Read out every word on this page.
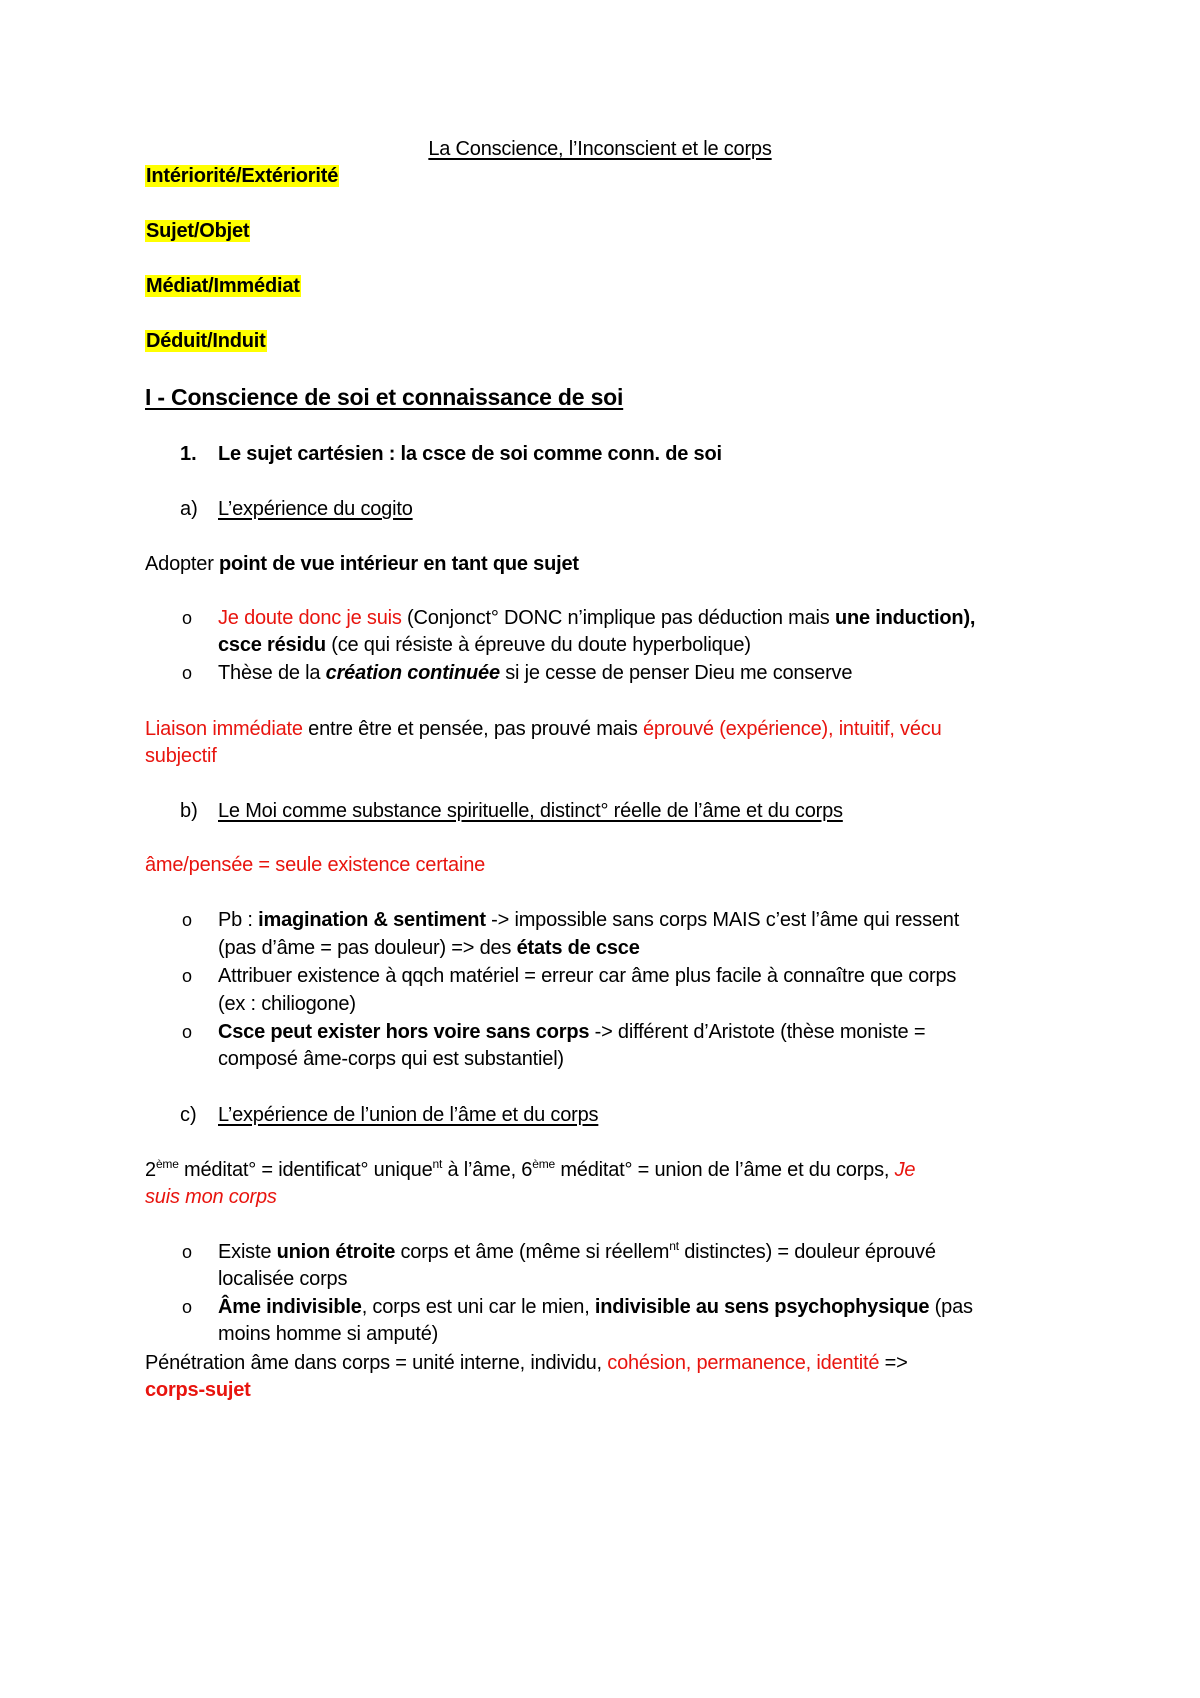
La Conscience, l’Inconscient et le corps
Intériorité/Extériorité
Sujet/Objet
Médiat/Immédiat
Déduit/Induit
I - Conscience de soi et connaissance de soi
1. Le sujet cartésien : la csce de soi comme conn. de soi
a) L’expérience du cogito
Adopter point de vue intérieur en tant que sujet
o Je doute donc je suis (Conjonct° DONC n’implique pas déduction mais une induction),
csce résidu (ce qui résiste à épreuve du doute hyperbolique)
o Thèse de la création continuée si je cesse de penser Dieu me conserve
Liaison immédiate entre être et pensée, pas prouvé mais éprouvé (expérience), intuitif, vécu
subjectif
b) Le Moi comme substance spirituelle, distinct° réelle de l’âme et du corps
âme/pensée = seule existence certaine
o Pb : imagination & sentiment -> impossible sans corps MAIS c’est l’âme qui ressent
(pas d’âme = pas douleur) => des états de csce
o Attribuer existence à qqch matériel = erreur car âme plus facile à connaître que corps
(ex : chiliogone)
o Csce peut exister hors voire sans corps -> différent d’Aristote (thèse moniste =
composé âme-corps qui est substantiel)
c) L’expérience de l’union de l’âme et du corps
2ème méditat° = identificat° unique$^{nt}$ à l’âme, 6ème méditat° = union de l’âme et du corps, Je
suis mon corps
o Existe union étroite corps et âme (même si réellem$^{nt}$ distinctes) = douleur éprouvé
localisée corps
o Âme indivisible, corps est uni car le mien, indivisible au sens psychophysique (pas
moins homme si amputé)
Pénétration âme dans corps = unité interne, individu, cohésion, permanence, identité =>
corps-sujet
